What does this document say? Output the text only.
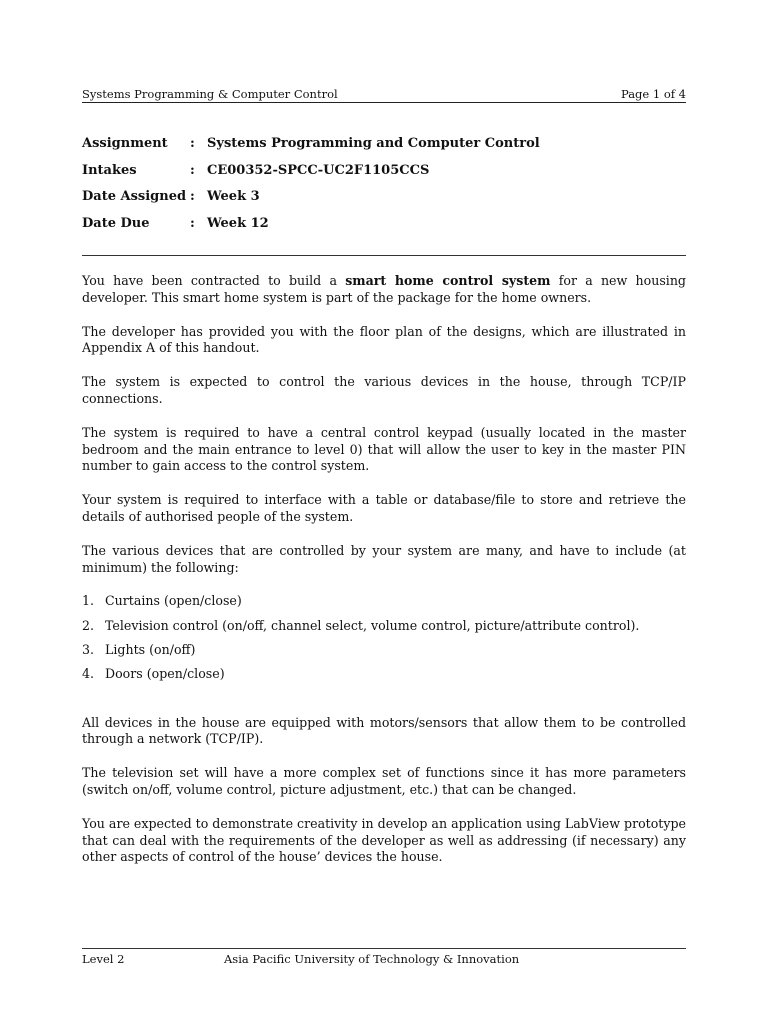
Systems Programming & Computer Control	Page 1 of 4
Assignment : Systems Programming and Computer Control
Intakes	: CE00352-SPCC-UC2F1105CCS
Date Assigned : Week 3
Date Due	: Week 12

You have been contracted to build a smart home control system for a new housing developer. This smart home system is part of the package for the home owners.

The developer has provided you with the floor plan of the designs, which are illustrated in Appendix A of this handout.

The system is expected to control the various devices in the house, through TCP/IP connections.

The system is required to have a central control keypad (usually located in the master bedroom and the main entrance to level 0) that will allow the user to key in the master PIN number to gain access to the control system.

Your system is required to interface with a table or database/file to store and retrieve the details of authorised people of the system.

The various devices that are controlled by your system are many, and have to include (at minimum) the following:

1. Curtains (open/close)
2. Television control (on/off, channel select, volume control, picture/attribute control).
3. Lights (on/off)
4. Doors (open/close)

All devices in the house are equipped with motors/sensors that allow them to be controlled through a network (TCP/IP).

The television set will have a more complex set of functions since it has more parameters (switch on/off, volume control, picture adjustment, etc.) that can be changed.

You are expected to demonstrate creativity in develop an application using LabView prototype that can deal with the requirements of the developer as well as addressing (if necessary) any other aspects of control of the house’ devices the house.

Level 2	Asia Pacific University of Technology & Innovation
